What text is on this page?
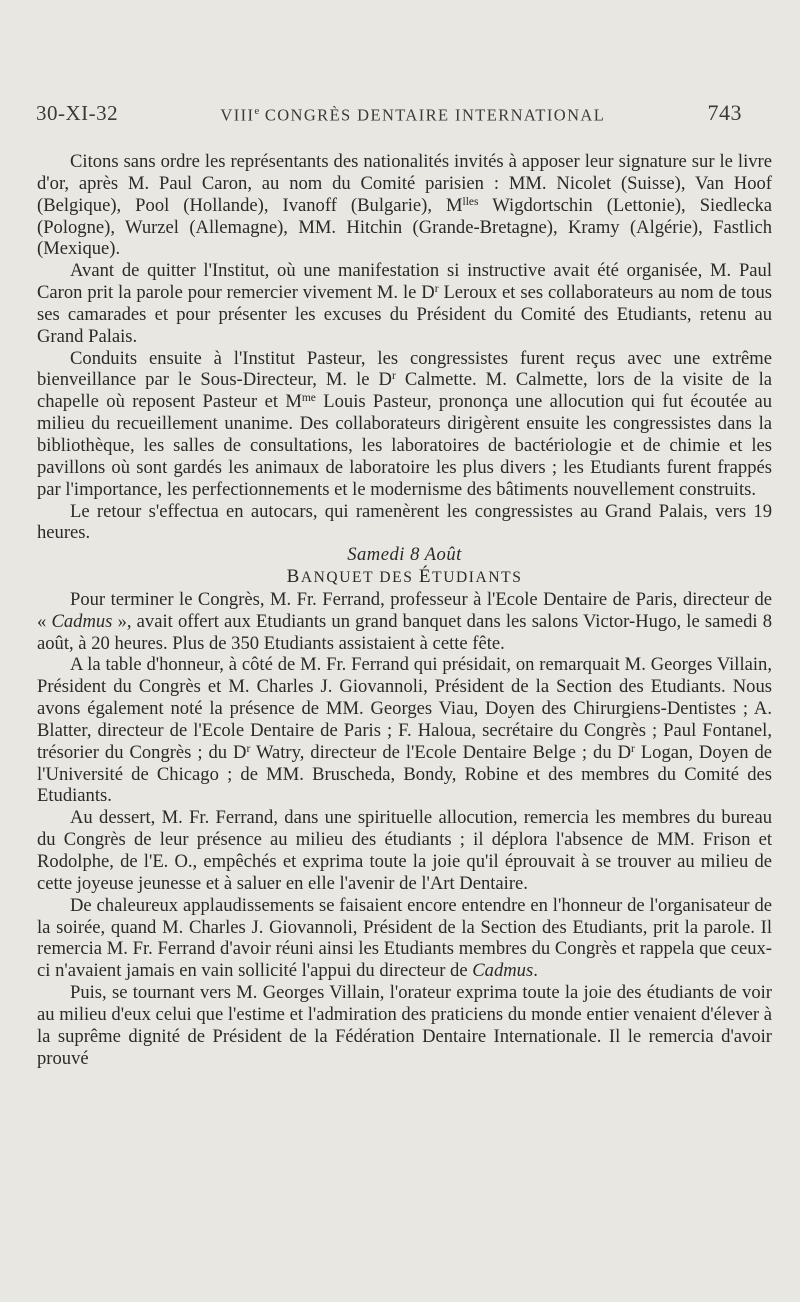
30-XI-32	VIIIe CONGRÈS DENTAIRE INTERNATIONAL	743

Citons sans ordre les représentants des nationalités invités à apposer leur signature sur le livre d'or, après M. Paul Caron, au nom du Comité parisien : MM. Nicolet (Suisse), Van Hoof (Belgique), Pool (Hollande), Ivanoff (Bulgarie), $M^{lles}$ Wigdortschin (Lettonie), Siedlecka (Pologne), Wurzel (Allemagne), MM. Hitchin (Grande-Bretagne), Kramy (Algérie), Fastlich (Mexique).

Avant de quitter l'Institut, où une manifestation si instructive avait été organisée, M. Paul Caron prit la parole pour remercier vivement M. le $D^r$ Leroux et ses collaborateurs au nom de tous ses camarades et pour présenter les excuses du Président du Comité des Etudiants, retenu au Grand Palais.

Conduits ensuite à l'Institut Pasteur, les congressistes furent reçus avec une extrême bienveillance par le Sous-Directeur, M. le $D^r$ Calmette. M. Calmette, lors de la visite de la chapelle où reposent Pasteur et $M^{me}$ Louis Pasteur, prononça une allocution qui fut écoutée au milieu du recueillement unanime. Des collaborateurs dirigèrent ensuite les congressistes dans la bibliothèque, les salles de consultations, les laboratoires de bactériologie et de chimie et les pavillons où sont gardés les animaux de laboratoire les plus divers ; les Etudiants furent frappés par l'importance, les perfectionnements et le modernisme des bâtiments nouvellement construits.

Le retour s'effectua en autocars, qui ramenèrent les congressistes au Grand Palais, vers 19 heures.

Samedi 8 Août

BANQUET DES ÉTUDIANTS

Pour terminer le Congrès, M. Fr. Ferrand, professeur à l'Ecole Dentaire de Paris, directeur de « Cadmus », avait offert aux Etudiants un grand banquet dans les salons Victor-Hugo, le samedi 8 août, à 20 heures. Plus de 350 Etudiants assistaient à cette fête.

A la table d'honneur, à côté de M. Fr. Ferrand qui présidait, on remarquait M. Georges Villain, Président du Congrès et M. Charles J. Giovannoli, Président de la Section des Etudiants. Nous avons également noté la présence de MM. Georges Viau, Doyen des Chirurgiens-Dentistes ; A. Blatter, directeur de l'Ecole Dentaire de Paris ; F. Haloua, secrétaire du Congrès ; Paul Fontanel, trésorier du Congrès ; du $D^r$ Watry, directeur de l'Ecole Dentaire Belge ; du $D^r$ Logan, Doyen de l'Université de Chicago ; de MM. Bruscheda, Bondy, Robine et des membres du Comité des Etudiants.

Au dessert, M. Fr. Ferrand, dans une spirituelle allocution, remercia les membres du bureau du Congrès de leur présence au milieu des étudiants ; il déplora l'absence de MM. Frison et Rodolphe, de l'E. O., empêchés et exprima toute la joie qu'il éprouvait à se trouver au milieu de cette joyeuse jeunesse et à saluer en elle l'avenir de l'Art Dentaire.

De chaleureux applaudissements se faisaient encore entendre en l'honneur de l'organisateur de la soirée, quand M. Charles J. Giovannoli, Président de la Section des Etudiants, prit la parole. Il remercia M. Fr. Ferrand d'avoir réuni ainsi les Etudiants membres du Congrès et rappela que ceux-ci n'avaient jamais en vain sollicité l'appui du directeur de Cadmus.

Puis, se tournant vers M. Georges Villain, l'orateur exprima toute la joie des étudiants de voir au milieu d'eux celui que l'estime et l'admiration des praticiens du monde entier venaient d'élever à la suprême dignité de Président de la Fédération Dentaire Internationale. Il le remercia d'avoir prouvé
